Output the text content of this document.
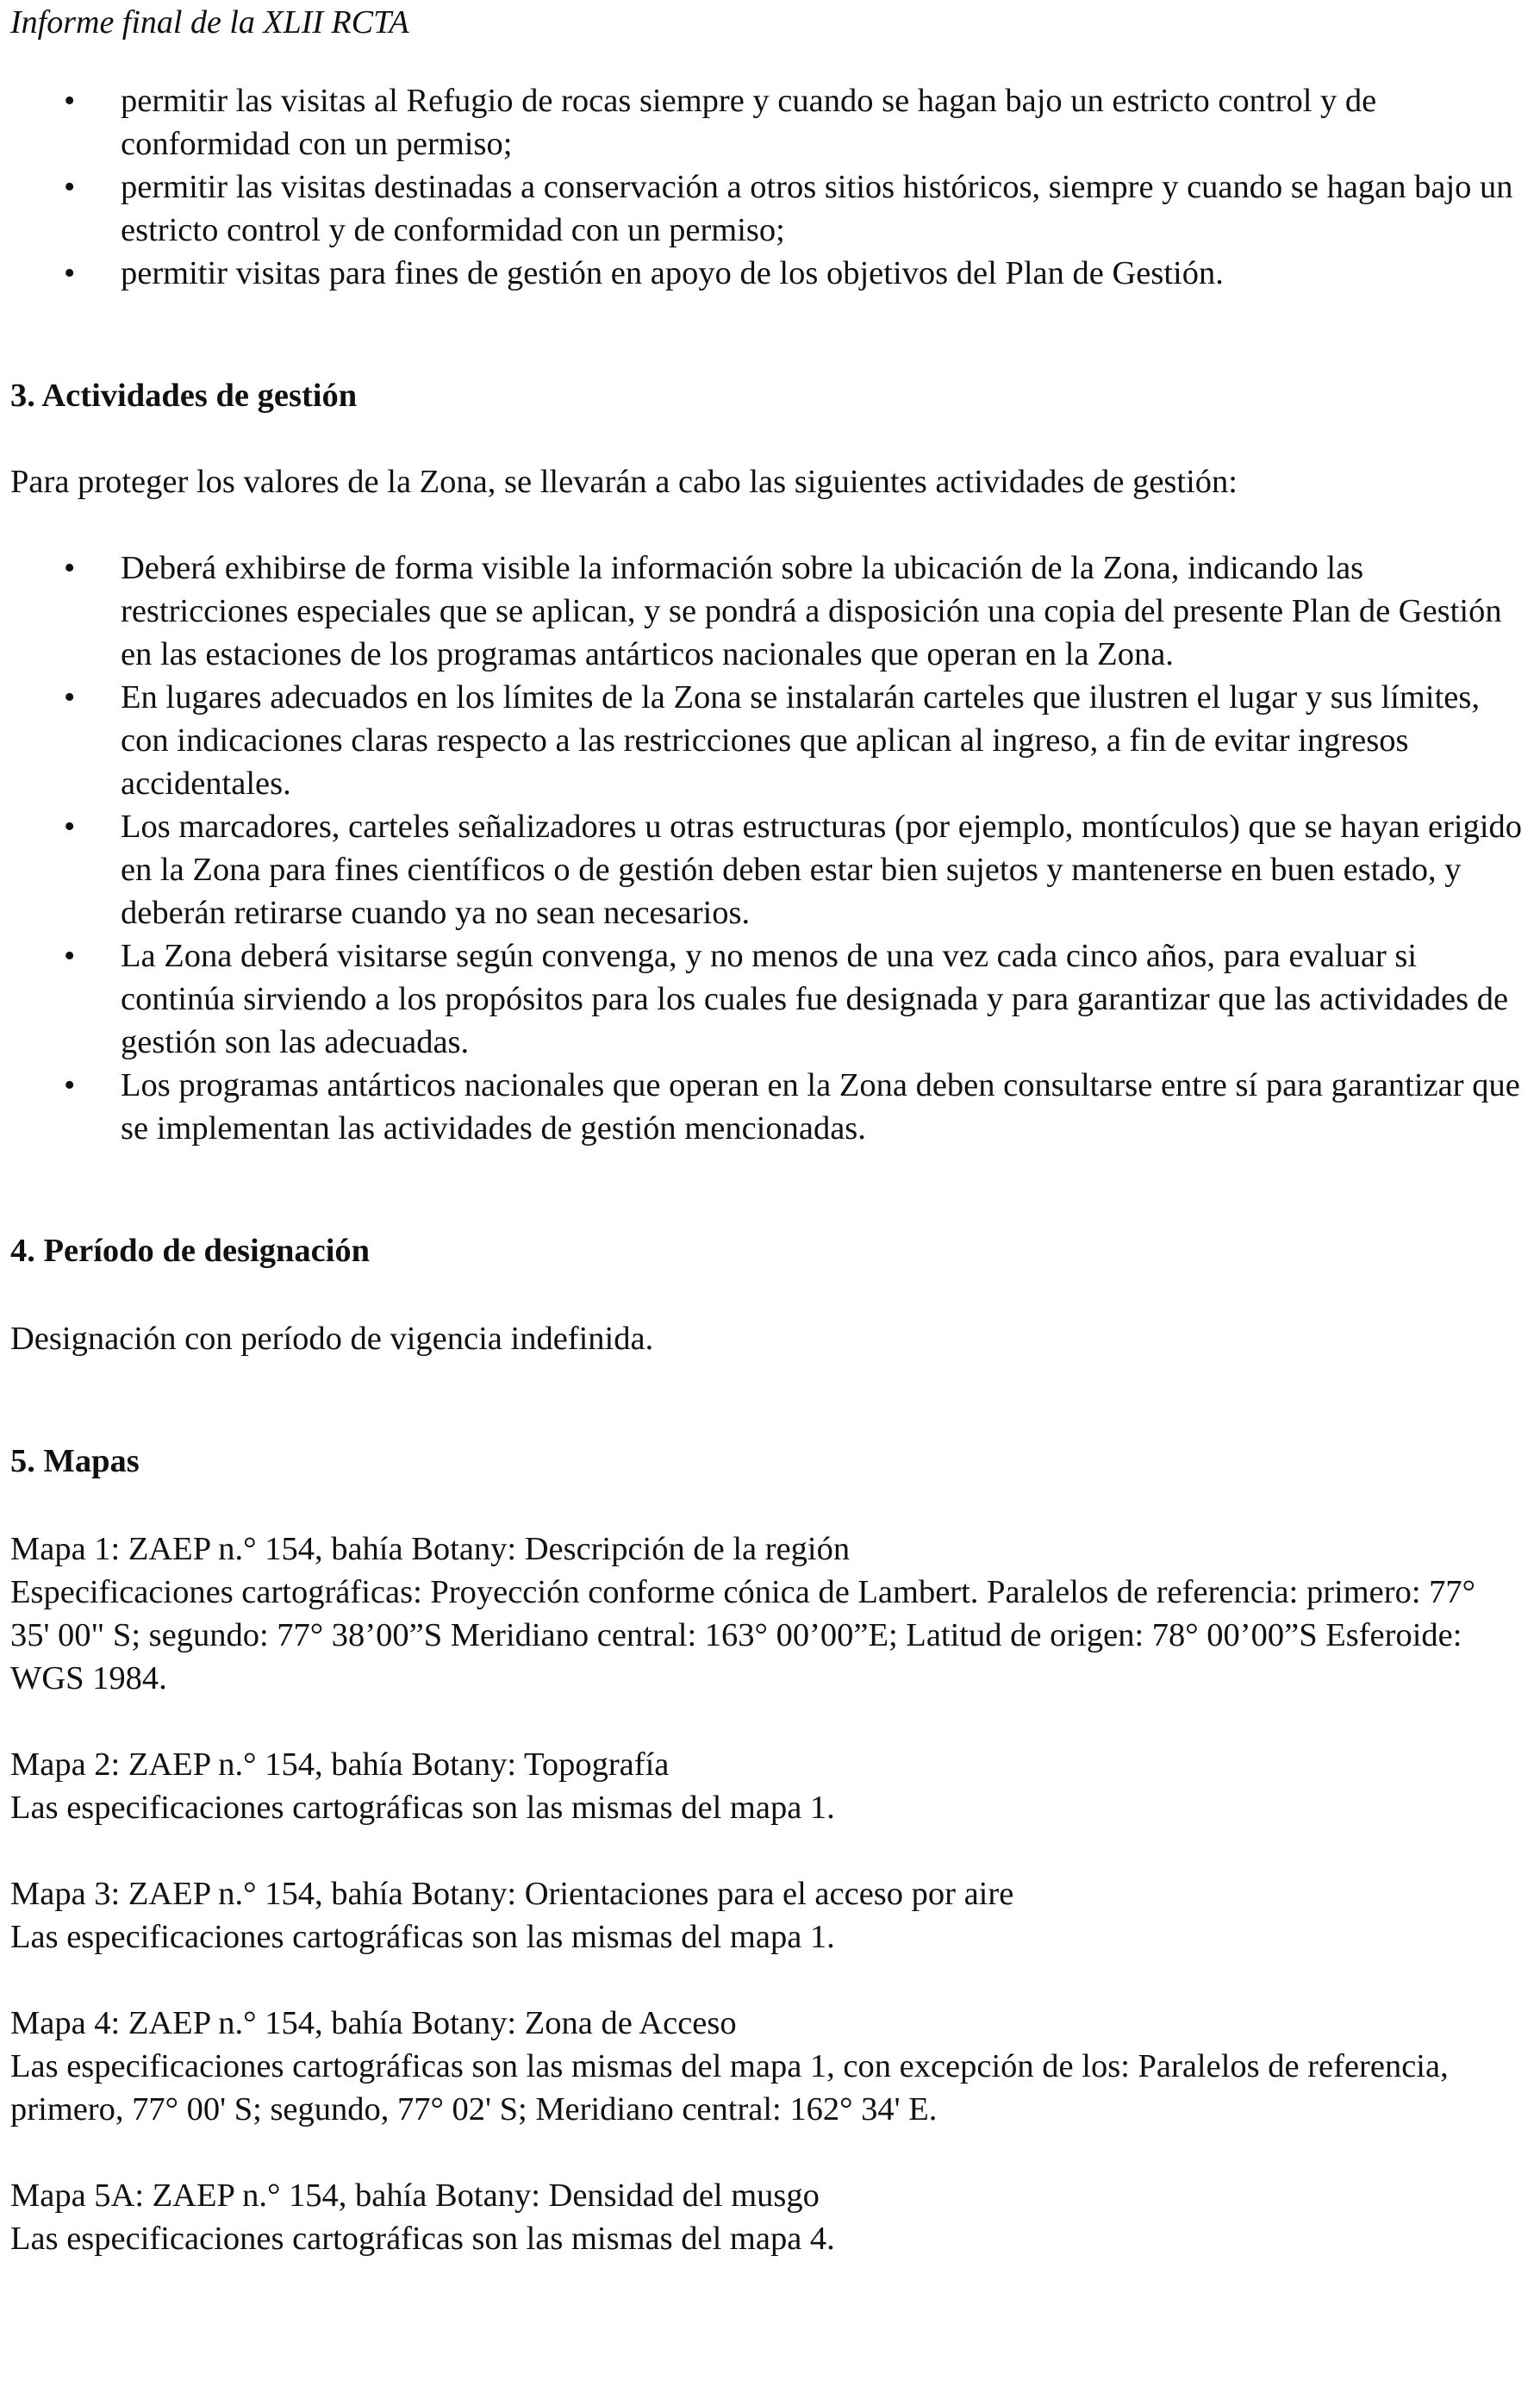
Informe final de la XLII RCTA
• permitir las visitas al Refugio de rocas siempre y cuando se hagan bajo un estricto control y de conformidad con un permiso;
• permitir las visitas destinadas a conservación a otros sitios históricos, siempre y cuando se hagan bajo un estricto control y de conformidad con un permiso;
• permitir visitas para fines de gestión en apoyo de los objetivos del Plan de Gestión.
3. Actividades de gestión

Para proteger los valores de la Zona, se llevarán a cabo las siguientes actividades de gestión:

• Deberá exhibirse de forma visible la información sobre la ubicación de la Zona, indicando las restricciones especiales que se aplican, y se pondrá a disposición una copia del presente Plan de Gestión en las estaciones de los programas antárticos nacionales que operan en la Zona.
• En lugares adecuados en los límites de la Zona se instalarán carteles que ilustren el lugar y sus límites, con indicaciones claras respecto a las restricciones que aplican al ingreso, a fin de evitar ingresos accidentales.
• Los marcadores, carteles señalizadores u otras estructuras (por ejemplo, montículos) que se hayan erigido en la Zona para fines científicos o de gestión deben estar bien sujetos y mantenerse en buen estado, y deberán retirarse cuando ya no sean necesarios.
• La Zona deberá visitarse según convenga, y no menos de una vez cada cinco años, para evaluar si continúa sirviendo a los propósitos para los cuales fue designada y para garantizar que las actividades de gestión son las adecuadas.
• Los programas antárticos nacionales que operan en la Zona deben consultarse entre sí para garantizar que se implementan las actividades de gestión mencionadas.
4. Período de designación

Designación con período de vigencia indefinida.

5. Mapas

Mapa 1: ZAEP n.° 154, bahía Botany: Descripción de la región

Especificaciones cartográficas: Proyección conforme cónica de Lambert. Paralelos de referencia: primero: 77° 35' 00" S; segundo: 77° 38’00”S Meridiano central: 163° 00’00”E; Latitud de origen: 78° 00’00”S Esferoide: WGS 1984.

Mapa 2: ZAEP n.° 154, bahía Botany: Topografía

Las especificaciones cartográficas son las mismas del mapa 1.

Mapa 3: ZAEP n.° 154, bahía Botany: Orientaciones para el acceso por aire

Las especificaciones cartográficas son las mismas del mapa 1.

Mapa 4: ZAEP n.° 154, bahía Botany: Zona de Acceso

Las especificaciones cartográficas son las mismas del mapa 1, con excepción de los: Paralelos de referencia, primero, 77° 00' S; segundo, 77° 02' S; Meridiano central: 162° 34' E.

Mapa 5A: ZAEP n.° 154, bahía Botany: Densidad del musgo

Las especificaciones cartográficas son las mismas del mapa 4.
